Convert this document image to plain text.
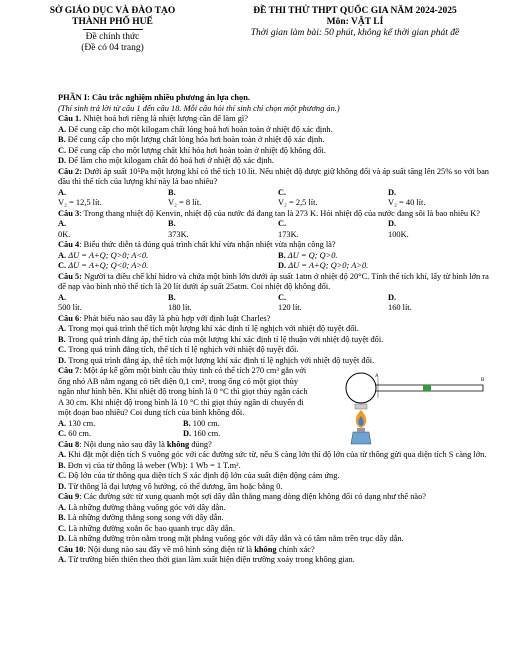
SỞ GIÁO DỤC VÀ ĐÀO TẠO
THÀNH PHỐ HUẾ
Đề chính thức
(Đề có 04 trang)
ĐỀ THI THỬ THPT QUỐC GIA NĂM 2024-2025
Môn: VẬT LÍ
Thời gian làm bài: 50 phút, không kể thời gian phát đề
PHẦN I: Câu trắc nghiệm nhiều phương án lựa chọn.
(Thí sinh trả lời từ câu 1 đến câu 18. Mỗi câu hỏi thí sinh chỉ chọn một phương án.)
Câu 1. Nhiệt hoá hơi riêng là nhiệt lượng cần để làm gì?
A. Để cung cấp cho một kilogam chất lỏng hoá hơi hoàn toàn ở nhiệt độ xác định.
B. Để cung cấp cho một lượng chất lỏng hóa hơi hoàn toàn ở nhiệt độ xác định.
C. Để cung cấp cho một lượng chất khí hóa hơi hoàn toàn ở nhiệt độ không đổi.
D. Để làm cho một kilogam chất đó hoá hơi ở nhiệt độ xác định.
Câu 2: Dưới áp suất 10⁵Pa một lượng khí có thể tích 10 lít. Nếu nhiệt độ được giữ không đổi và áp suất tăng lên 25% so với ban đầu thì thể tích của lượng khí này là bao nhiêu?
A.V₂ = 12,5 lít.
B. V₂ = 8 lít.
C. V₂ = 2,5 lít.
D. V₂ = 40 lít.
Câu 3: Trong thang nhiệt độ Kenvin, nhiệt độ của nước đá đang tan là 273 K. Hỏi nhiệt độ của nước đang sôi là bao nhiêu K?
A. 0K.
B. 373K.
C. 173K.
D. 100K.
Câu 4: Biểu thức diễn tả đúng quá trình chất khí vừa nhận nhiệt vừa nhận công là?
A. ΔU = A+Q; Q>0; A<0.	B. ΔU = Q; Q>0.
C. ΔU = A+Q; Q<0; A>0.	D. ΔU = A+Q; Q>0; A>0.
Câu 5: Người ta điều chế khí hidro và chứa một bình lớn dưới áp suất 1atm ở nhiệt độ 20°C. Tính thể tích khí, lấy từ bình lớn ra để nạp vào bình nhỏ thể tích là 20 lít dưới áp suất 25atm. Coi nhiệt độ không đổi.
A. 500 lít.
B. 180 lít.
C. 120 lít.
D. 160 lít.
Câu 6: Phát biểu nào sau đây là phù hợp với định luật Charles?
A. Trong mọi quá trình thể tích một lượng khí xác định tỉ lệ nghịch với nhiệt độ tuyệt đối.
B. Trong quá trình đẳng áp, thể tích của một lượng khí xác định tỉ lệ thuận với nhiệt độ tuyệt đối.
C. Trong quá trình đẳng tích, thể tích tỉ lệ nghịch với nhiệt độ tuyệt đối.
D. Trong quá trình đẳng áp, thể tích một lượng khí xác định tỉ lệ nghịch với nhiệt độ tuyệt đối.
Câu 7: Một áp kế gồm một bình cầu thủy tinh có thể tích 270 cm³ gắn với ống nhỏ AB nằm ngang có tiết diện 0,1 cm², trong ống có một giọt thủy ngân như hình bên. Khi nhiệt độ trong bình là 0 °C thì giọt thủy ngân cách A 30 cm. Khi nhiệt độ trong bình là 10 °C thì giọt thủy ngân di chuyển đi một đoạn bao nhiêu? Coi dung tích của bình không đổi.
A. 130 cm.	B. 100 cm.
C. 60 cm.	D. 160 cm.
A
B
Câu 8: Nội dung nào sau đây là không đúng?
A. Khi đặt một diện tích S vuông góc với các đường sức từ, nếu S càng lớn thì độ lớn của từ thông gửi qua diện tích S càng lớn.
B. Đơn vị của từ thông là weber (Wb): 1 Wb = 1 T.m².
C. Độ lớn của từ thông qua diện tích S xác định độ lớn của suất điện động cảm ứng.
D. Từ thông là đại lượng vô hướng, có thể dương, âm hoặc bằng 0.
Câu 9: Các đường sức từ xung quanh một sợi dây dẫn thẳng mang dòng điện không đổi có dạng như thế nào?
A. Là những đường thẳng vuông góc với dây dẫn.
B. Là những đường thẳng song song với dây dẫn.
C. Là những đường xoắn ốc bao quanh trục dây dẫn.
D. Là những đường tròn nằm trong mặt phẳng vuông góc với dây dẫn và có tâm nằm trên trục dây dẫn.
Câu 10: Nội dung nào sau đây về mô hình sóng điện từ là không chính xác?
A. Từ trường biến thiên theo thời gian làm xuất hiện điện trường xoáy trong không gian.
